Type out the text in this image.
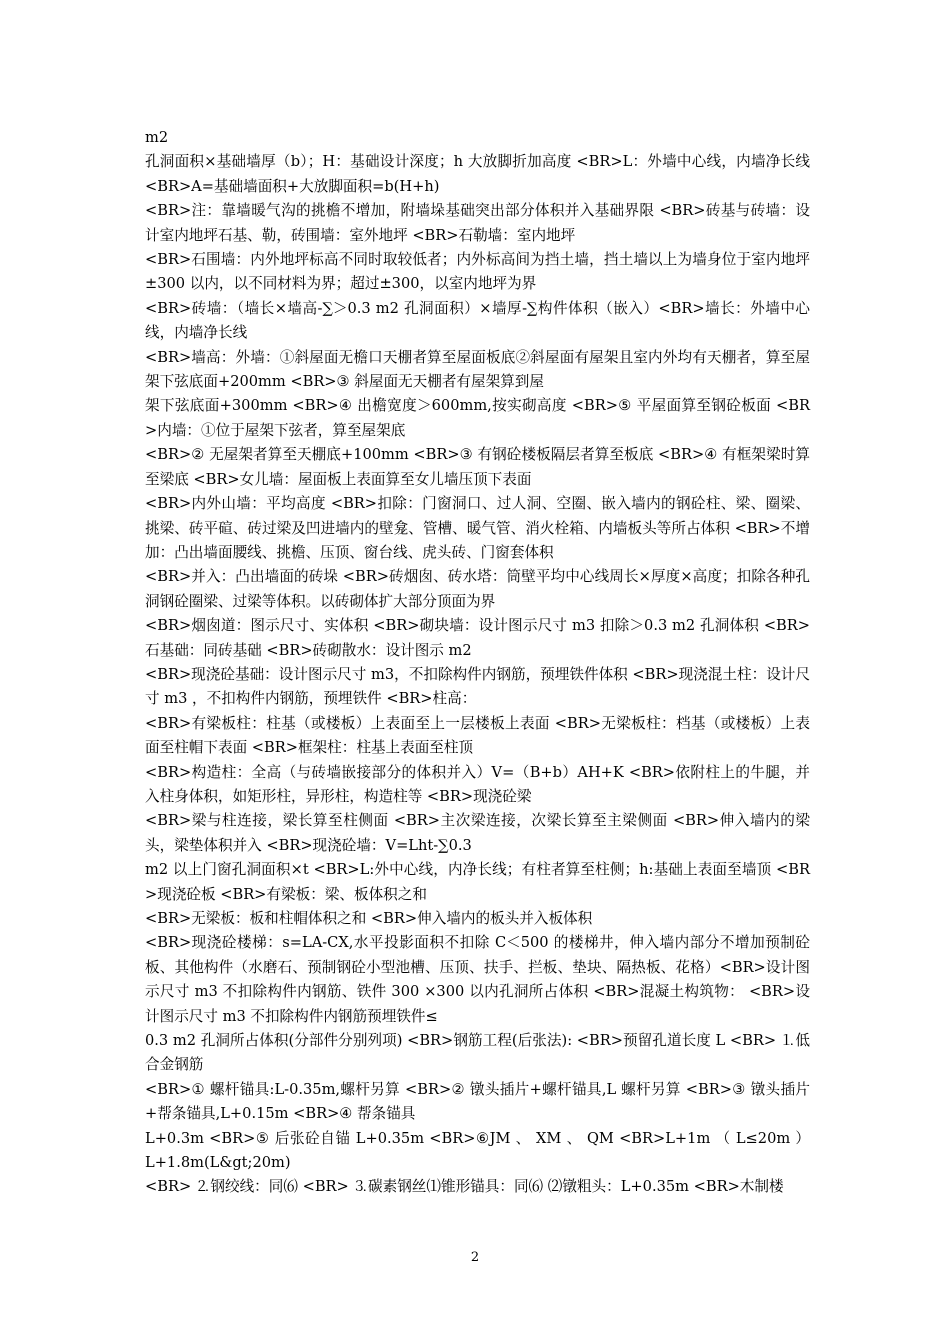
m2

孔洞面积×基础墙厚（b）；H：基础设计深度；h 大放脚折加高度 <BR>L：外墙中心线，内墙净长线 <BR>A=基础墙面积+大放脚面积=b(H+h)

<BR>注：靠墙暖气沟的挑檐不增加，附墙垛基础突出部分体积并入基础界限 <BR>砖基与砖墙：设计室内地坪石基、勒，砖围墙：室外地坪 <BR>石勒墙：室内地坪

<BR>石围墙：内外地坪标高不同时取较低者；内外标高间为挡土墙，挡土墙以上为墙身位于室内地坪±300 以内，以不同材料为界；超过±300，以室内地坪为界

<BR>砖墙：（墙长×墙高-∑＞0.3 m2 孔洞面积）×墙厚-∑构件体积（嵌入）<BR>墙长：外墙中心线，内墙净长线

<BR>墙高：外墙：①斜屋面无檐口天棚者算至屋面板底②斜屋面有屋架且室内外均有天棚者，算至屋架下弦底面+200mm <BR>③ 斜屋面无天棚者有屋架算到屋

架下弦底面+300mm <BR>④ 出檐宽度＞600mm,按实砌高度 <BR>⑤ 平屋面算至钢砼板面 <BR>内墙：①位于屋架下弦者，算至屋架底

<BR>② 无屋架者算至天棚底+100mm <BR>③ 有钢砼楼板隔层者算至板底 <BR>④ 有框架梁时算至梁底 <BR>女儿墙：屋面板上表面算至女儿墙压顶下表面

<BR>内外山墙：平均高度 <BR>扣除：门窗洞口、过人洞、空圈、嵌入墙内的钢砼柱、梁、圈梁、挑梁、砖平碹、砖过梁及凹进墙内的壁龛、管槽、暖气管、消火栓箱、内墙板头等所占体积 <BR>不增加：凸出墙面腰线、挑檐、压顶、窗台线、虎头砖、门窗套体积

<BR>并入：凸出墙面的砖垛 <BR>砖烟囱、砖水塔：筒壁平均中心线周长×厚度×高度；扣除各种孔洞钢砼圈梁、过梁等体积。以砖砌体扩大部分顶面为界

<BR>烟囱道：图示尺寸、实体积 <BR>砌块墙：设计图示尺寸 m3 扣除＞0.3 m2 孔洞体积 <BR>石基础：同砖基础 <BR>砖砌散水：设计图示 m2

<BR>现浇砼基础：设计图示尺寸 m3，不扣除构件内钢筋，预埋铁件体积 <BR>现浇混土柱：设计尺寸 m3 ，不扣构件内钢筋，预埋铁件 <BR>柱高：

<BR>有梁板柱：柱基（或楼板）上表面至上一层楼板上表面 <BR>无梁板柱：档基（或楼板）上表面至柱帽下表面 <BR>框架柱：柱基上表面至柱顶

<BR>构造柱：全高（与砖墙嵌接部分的体积并入）V=（B+b）AH+K <BR>依附柱上的牛腿，并入柱身体积，如矩形柱，异形柱，构造柱等 <BR>现浇砼梁

<BR>梁与柱连接，梁长算至柱侧面 <BR>主次梁连接，次梁长算至主梁侧面 <BR>伸入墙内的梁头，梁垫体积并入 <BR>现浇砼墙：V=Lht-∑0.3

m2 以上门窗孔洞面积×t <BR>L:外中心线，内净长线；有柱者算至柱侧；h:基础上表面至墙顶 <BR>现浇砼板 <BR>有梁板：梁、板体积之和

<BR>无梁板：板和柱帽体积之和 <BR>伸入墙内的板头并入板体积

<BR>现浇砼楼梯：s=LA-CX,水平投影面积不扣除 C＜500 的楼梯井，伸入墙内部分不增加预制砼板、其他构件（水磨石、预制钢砼小型池槽、压顶、扶手、拦板、垫块、隔热板、花格）<BR>设计图示尺寸 m3 不扣除构件内钢筋、铁件 300 ×300 以内孔洞所占体积 <BR>混凝土构筑物： <BR>设计图示尺寸 m3 不扣除构件内钢筋预埋铁件≤

0.3 m2 孔洞所占体积(分部件分别列项) <BR>钢筋工程(后张法): <BR>预留孔道长度 L <BR> ⒈低合金钢筋

<BR>① 螺杆锚具:L-0.35m,螺杆另算 <BR>② 镦头插片+螺杆锚具,L 螺杆另算 <BR>③ 镦头插片+帮条锚具,L+0.15m <BR>④ 帮条锚具

L+0.3m <BR>⑤ 后张砼自锚 L+0.35m <BR>⑥JM 、 XM 、 QM <BR>L+1m （ L≤20m ） L+1.8m(L&gt;20m)

<BR> ⒉钢绞线：同⑹ <BR> ⒊碳素钢丝⑴锥形锚具：同⑹ ⑵镦粗头：L+0.35m <BR>木制楼

2
